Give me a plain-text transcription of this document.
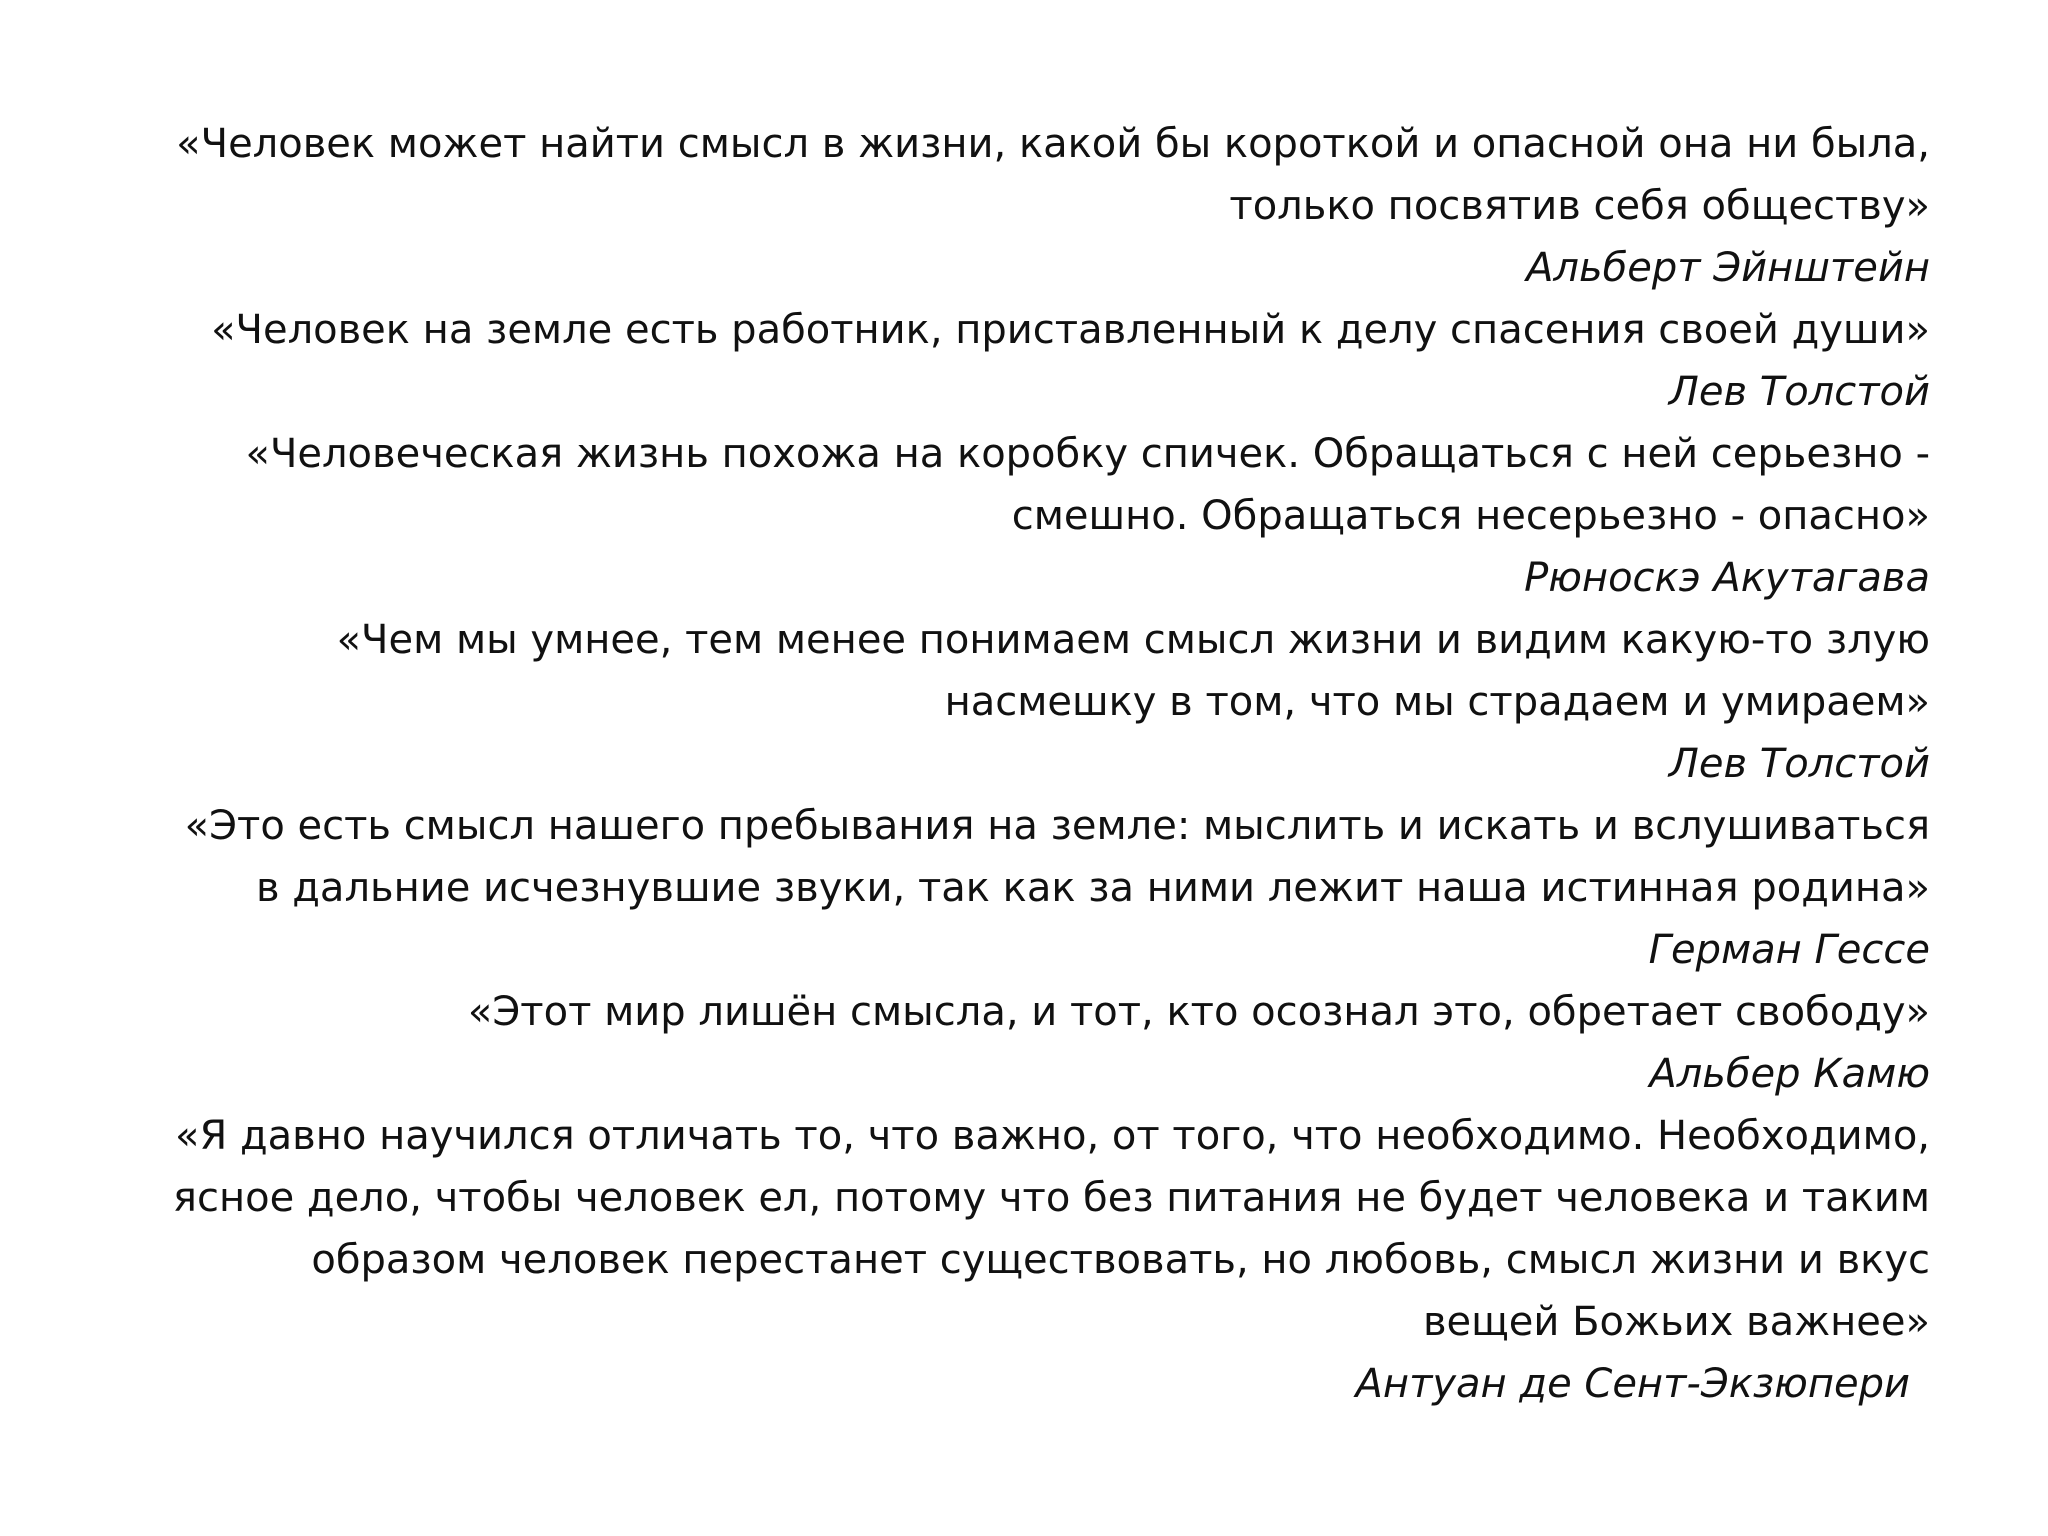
«Человек может найти смысл в жизни, какой бы короткой и опасной она ни была,
только посвятив себя обществу»
Альберт Эйнштейн
«Человек на земле есть работник, приставленный к делу спасения своей души»
Лев Толстой
«Человеческая жизнь похожа на коробку спичек. Обращаться с ней серьезно -
смешно. Обращаться несерьезно - опасно»
Рюноскэ Акутагава
«Чем мы умнее, тем менее понимаем смысл жизни и видим какую-то злую
насмешку в том, что мы страдаем и умираем»
Лев Толстой
«Это есть смысл нашего пребывания на земле: мыслить и искать и вслушиваться
в дальние исчезнувшие звуки, так как за ними лежит наша истинная родина»
Герман Гессе
«Этот мир лишён смысла, и тот, кто осознал это, обретает свободу»
Альбер Камю
«Я давно научился отличать то, что важно, от того, что необходимо. Необходимо,
ясное дело, чтобы человек ел, потому что без питания не будет человека и таким
образом человек перестанет существовать, но любовь, смысл жизни и вкус
вещей Божьих важнее»
Антуан де Сент-Экзюпери
